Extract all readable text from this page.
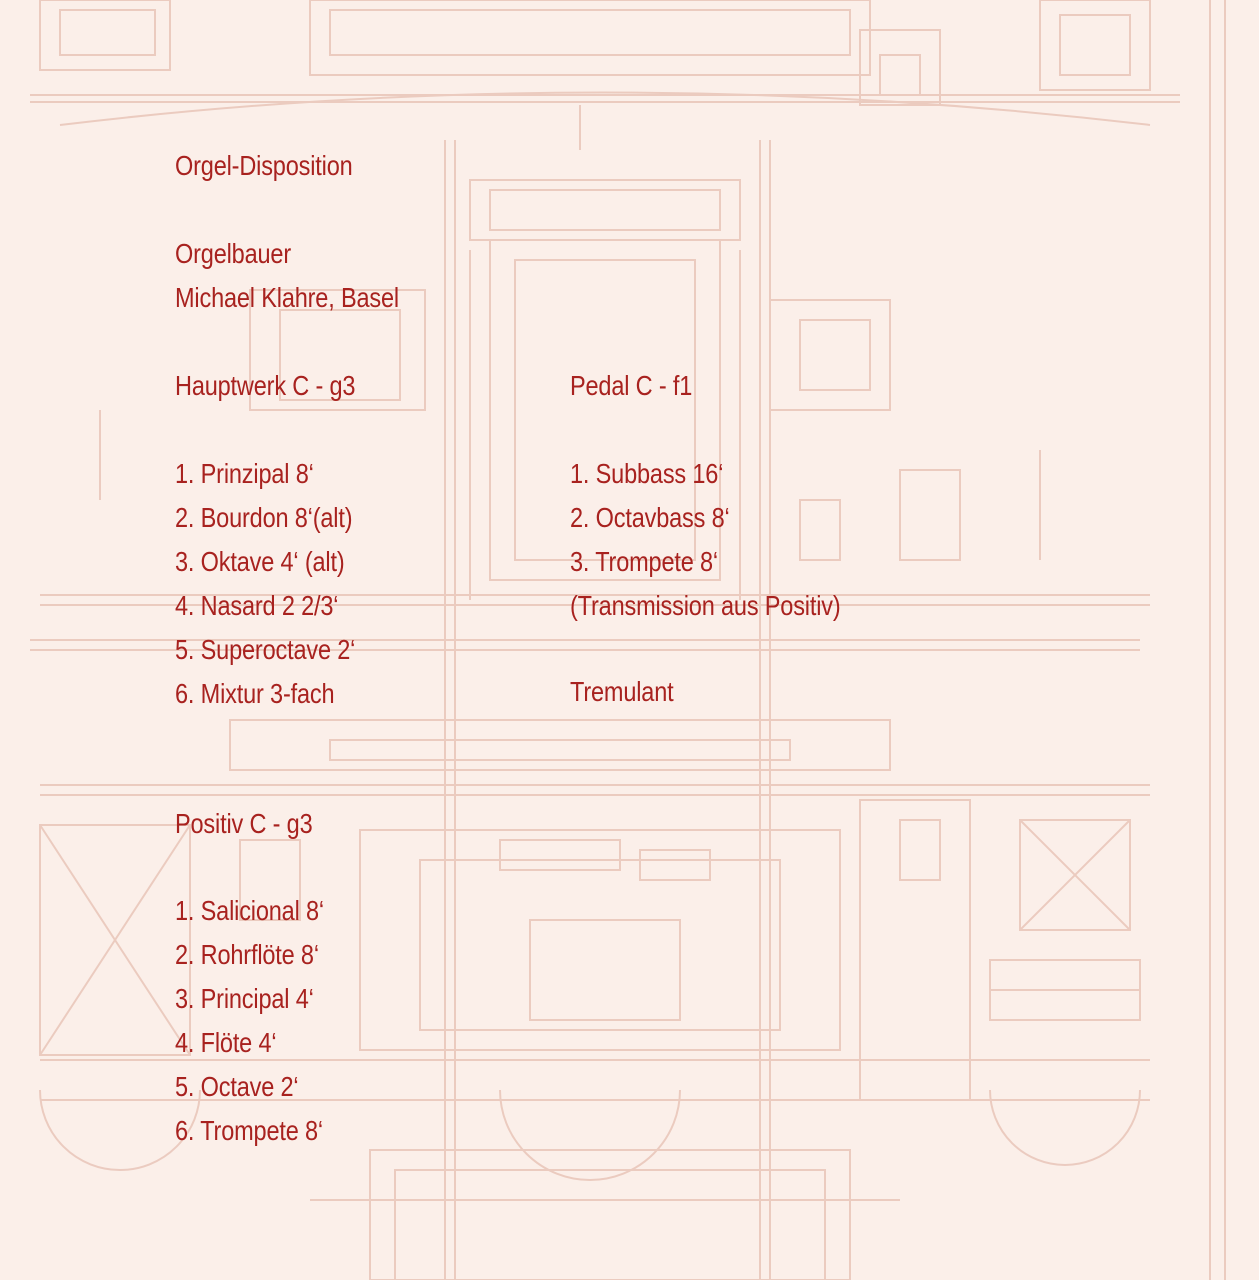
Orgel-Disposition
Orgelbauer
Michael Klahre, Basel
Hauptwerk C - g3
1. Prinzipal 8‘
2. Bourdon 8‘(alt)
3. Oktave 4‘ (alt)
4. Nasard 2 2/3‘
5. Superoctave 2‘
6. Mixtur 3-fach
Pedal C - f1
1. Subbass 16‘
2. Octavbass 8‘
3. Trompete 8‘
(Transmission aus Positiv)
Tremulant
Positiv C - g3
1. Salicional 8‘
2. Rohrflöte 8‘
3. Principal 4‘
4. Flöte 4‘
5. Octave 2‘
6. Trompete 8‘
